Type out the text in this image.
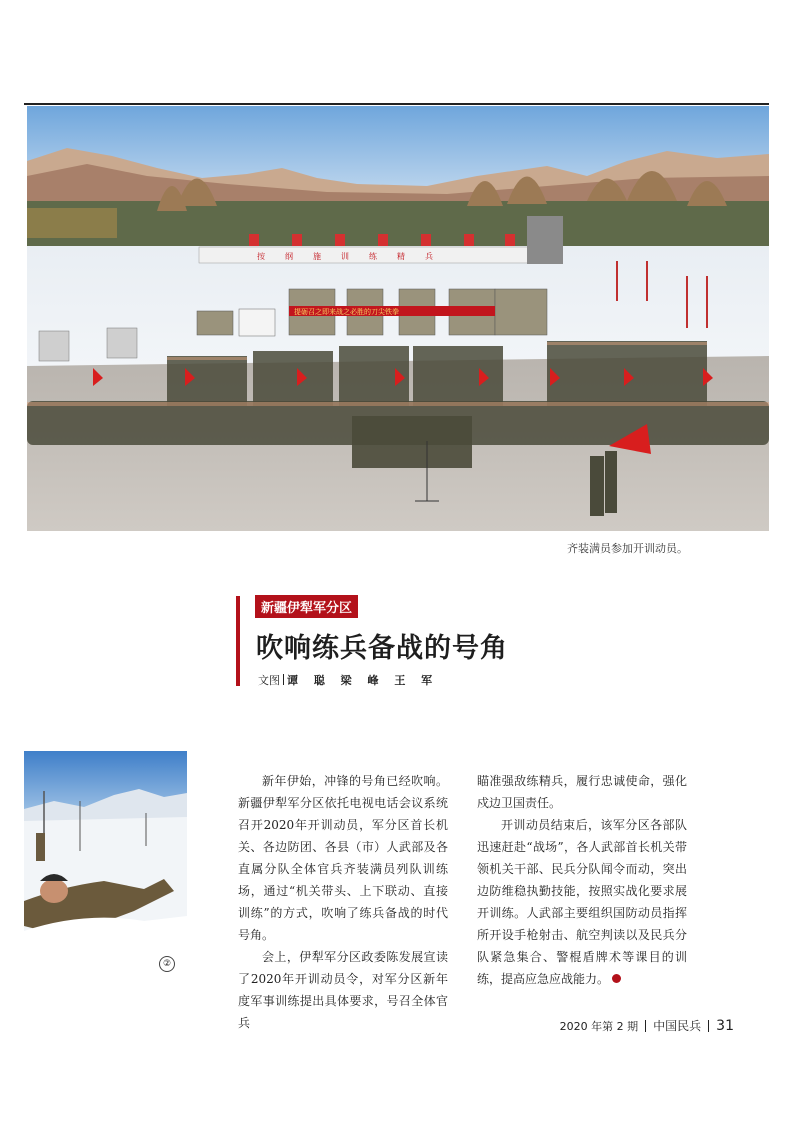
按纲施训练精兵
提砺召之即来战之必胜的刀尖铁拳
齐装满员参加开训动员。
新疆伊犁军分区
吹响练兵备战的号角
文图 谭 聪 梁 峰 王 军
②

新年伊始，冲锋的号角已经吹响。新疆伊犁军分区依托电视电话会议系统召开2020年开训动员，军分区首长机关、各边防团、各县（市）人武部及各直属分队全体官兵齐装满员列队训练场，通过“机关带头、上下联动、直接训练”的方式，吹响了练兵备战的时代号角。

会上，伊犁军分区政委陈发展宣读了2020年开训动员令，对军分区新年度军事训练提出具体要求，号召全体官兵

瞄准强敌练精兵，履行忠诚使命，强化戍边卫国责任。

开训动员结束后，该军分区各部队迅速赶赴“战场”，各人武部首长机关带领机关干部、民兵分队闻令而动，突出边防维稳执勤技能，按照实战化要求展开训练。人武部主要组织国防动员指挥所开设手枪射击、航空判读以及民兵分队紧急集合、警棍盾牌术等课目的训练，提高应急应战能力。

2020 年第 2 期 中国民兵 31
